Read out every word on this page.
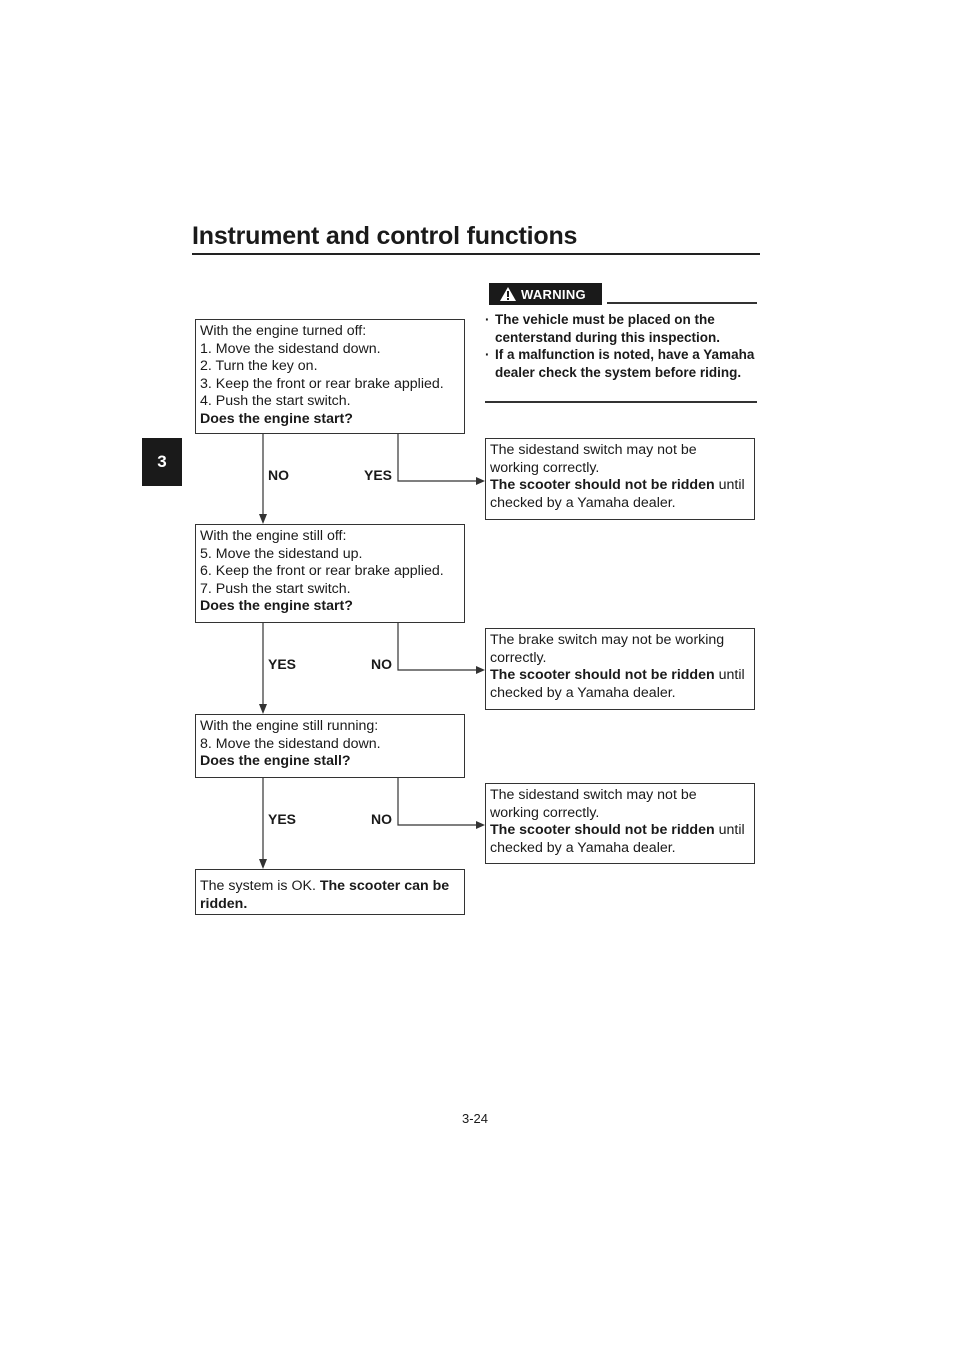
Instrument and control functions
3
WARNING
· The vehicle must be placed on the centerstand during this inspection.
· If a malfunction is noted, have a Yamaha dealer check the system before riding.
With the engine turned off:
1. Move the sidestand down.
2. Turn the key on.
3. Keep the front or rear brake applied.
4. Push the start switch.
Does the engine start?
The sidestand switch may not be
working correctly.
The scooter should not be ridden until
checked by a Yamaha dealer.
With the engine still off:
5. Move the sidestand up.
6. Keep the front or rear brake applied.
7. Push the start switch.
Does the engine start?
The brake switch may not be working
correctly.
The scooter should not be ridden until
checked by a Yamaha dealer.
With the engine still running:
8. Move the sidestand down.
Does the engine stall?
The sidestand switch may not be
working correctly.
The scooter should not be ridden until
checked by a Yamaha dealer.
The system is OK. The scooter can be ridden.
NO	YES
YES	NO
YES	NO
3-24
